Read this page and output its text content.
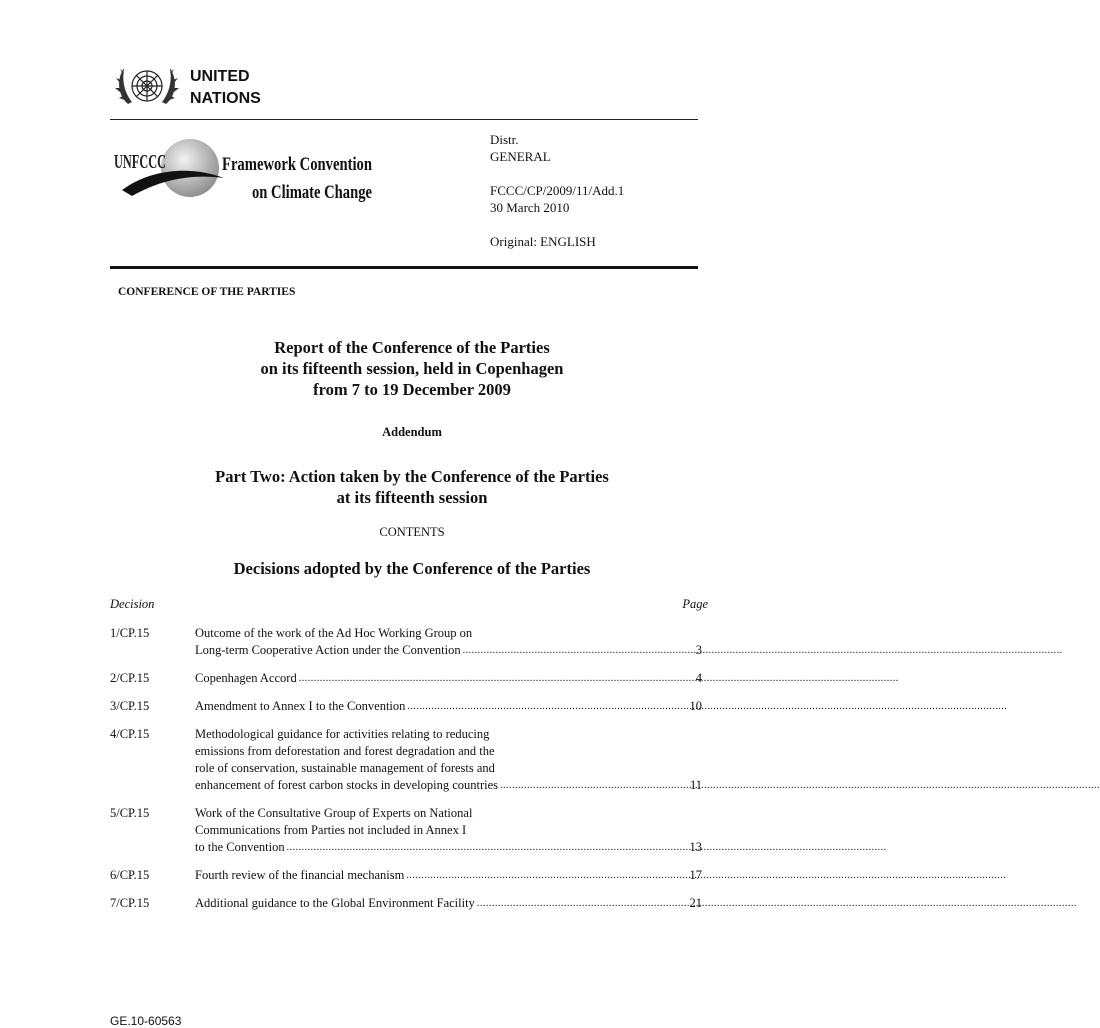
UNITED
NATIONS
UNFCCC	Framework Convention
on Climate Change
Distr.
GENERAL
FCCC/CP/2009/11/Add.1
30 March 2010
Original: ENGLISH
CONFERENCE OF THE PARTIES
Report of the Conference of the Parties
on its fifteenth session, held in Copenhagen
from 7 to 19 December 2009
Addendum
Part Two: Action taken by the Conference of the Parties
at its fifteenth session
CONTENTS
Decisions adopted by the Conference of the Parties
Decision	Page
1/CP.15	Outcome of the work of the Ad Hoc Working Group on
Long-term Cooperative Action under the Convention .....	3
2/CP.15	Copenhagen Accord .....	4
3/CP.15	Amendment to Annex I to the Convention .....	10
4/CP.15	Methodological guidance for activities relating to reducing
emissions from deforestation and forest degradation and the
role of conservation, sustainable management of forests and
enhancement of forest carbon stocks in developing countries .....	11
5/CP.15	Work of the Consultative Group of Experts on National
Communications from Parties not included in Annex I
to the Convention .....	13
6/CP.15	Fourth review of the financial mechanism .....	17
7/CP.15	Additional guidance to the Global Environment Facility .....	21
GE.10-60563
